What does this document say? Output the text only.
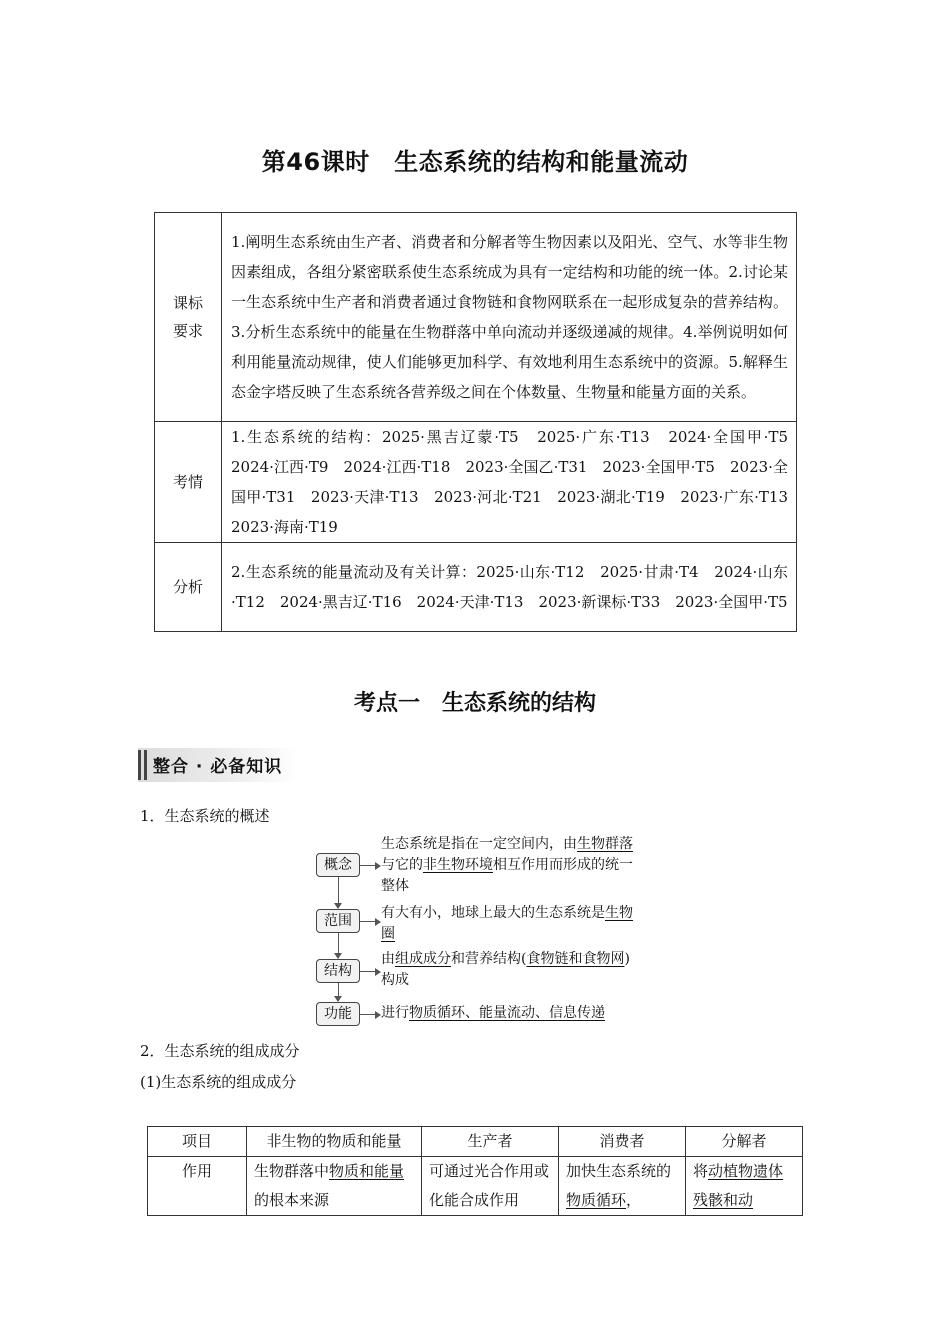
第46课时　生态系统的结构和能量流动
课标要求	1.阐明生态系统由生产者、消费者和分解者等生物因素以及阳光、空气、水等非生物因素组成，各组分紧密联系使生态系统成为具有一定结构和功能的统一体。2.讨论某一生态系统中生产者和消费者通过食物链和食物网联系在一起形成复杂的营养结构。3.分析生态系统中的能量在生物群落中单向流动并逐级递减的规律。4.举例说明如何利用能量流动规律，使人们能够更加科学、有效地利用生态系统中的资源。5.解释生态金字塔反映了生态系统各营养级之间在个体数量、生物量和能量方面的关系。
考情	1.生态系统的结构：2025·黑吉辽蒙·T5　2025·广东·T13　2024·全国甲·T5　2024·江西·T9　2024·江西·T18　2023·全国乙·T31　2023·全国甲·T5　2023·全国甲·T31　2023·天津·T13　2023·河北·T21　2023·湖北·T19　2023·广东·T13　2023·海南·T19
分析	2.生态系统的能量流动及有关计算：2025·山东·T12　2025·甘肃·T4　2024·山东·T12　2024·黑吉辽·T16　2024·天津·T13　2023·新课标·T33　2023·全国甲·T5
考点一　生态系统的结构
整合 · 必备知识
1．生态系统的概述
概念
范围
结构
功能
生态系统是指在一定空间内，由生物群落与它的非生物环境相互作用而形成的统一整体
有大有小，地球上最大的生态系统是生物圈
由组成成分和营养结构(食物链和食物网)构成
进行物质循环、能量流动、信息传递
2．生态系统的组成成分
(1)生态系统的组成成分
项目	非生物的物质和能量	生产者	消费者	分解者
作用	生物群落中物质和能量的根本来源	可通过光合作用或化能合成作用	加快生态系统的物质循环，	将动植物遗体残骸和动
